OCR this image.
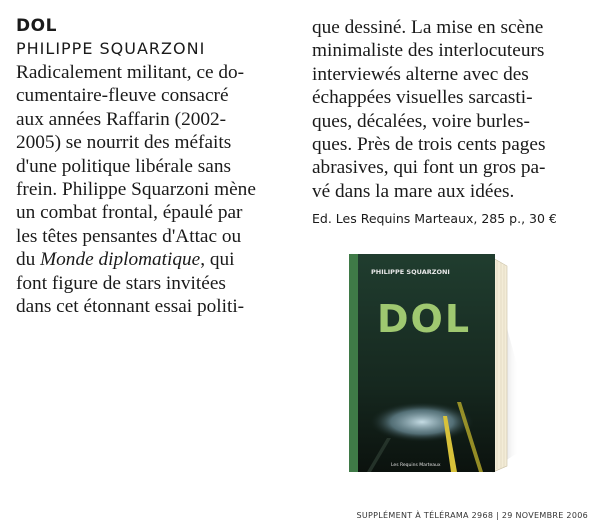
DOL
PHILIPPE SQUARZONI

Radicalement militant, ce do-
cumentaire-fleuve consacré
aux années Raffarin (2002-
2005) se nourrit des méfaits
d'une politique libérale sans
frein. Philippe Squarzoni mène
un combat frontal, épaulé par
les têtes pensantes d'Attac ou
du Monde diplomatique, qui
font figure de stars invitées
dans cet étonnant essai politi-

que dessiné. La mise en scène
minimaliste des interlocuteurs
interviewés alterne avec des
échappées visuelles sarcasti-
ques, décalées, voire burles-
ques. Près de trois cents pages
abrasives, qui font un gros pa-
vé dans la mare aux idées.

Ed. Les Requins Marteaux, 285 p., 30 €
PHILIPPE SQUARZONI
DOL
Les Requins Marteaux
SUPPLÉMENT À TÉLÉRAMA 2968 | 29 NOVEMBRE 2006
